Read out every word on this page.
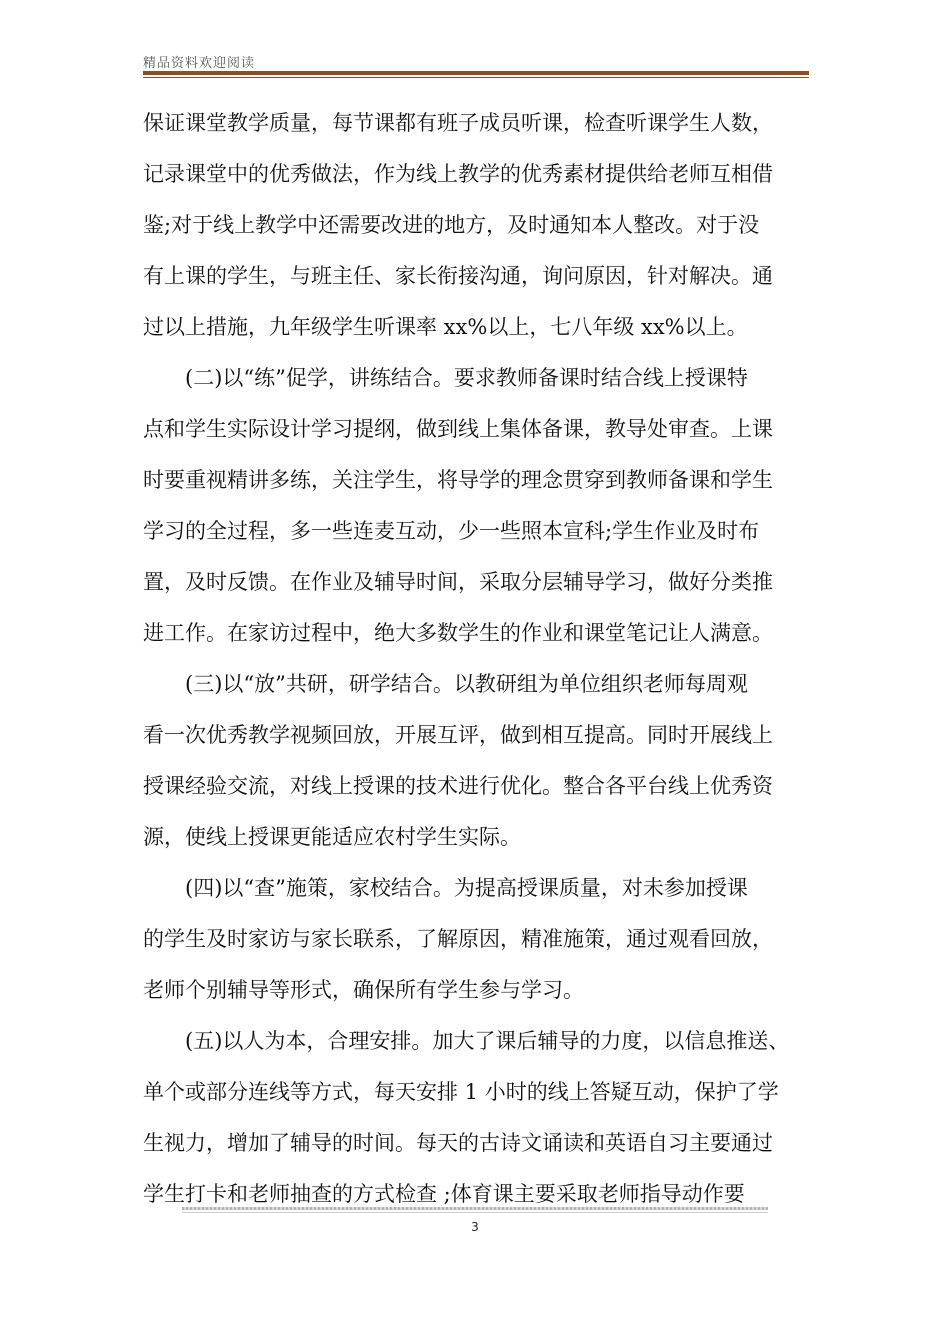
精品资料欢迎阅读
保证课堂教学质量，每节课都有班子成员听课，检查听课学生人数，
记录课堂中的优秀做法，作为线上教学的优秀素材提供给老师互相借
鉴;对于线上教学中还需要改进的地方，及时通知本人整改。对于没
有上课的学生，与班主任、家长衔接沟通，询问原因，针对解决。通
过以上措施，九年级学生听课率 xx%以上，七八年级 xx%以上。
(二)以“练”促学，讲练结合。要求教师备课时结合线上授课特
点和学生实际设计学习提纲，做到线上集体备课，教导处审查。上课
时要重视精讲多练，关注学生，将导学的理念贯穿到教师备课和学生
学习的全过程，多一些连麦互动，少一些照本宣科;学生作业及时布
置，及时反馈。在作业及辅导时间，采取分层辅导学习，做好分类推
进工作。在家访过程中，绝大多数学生的作业和课堂笔记让人满意。
(三)以“放”共研，研学结合。以教研组为单位组织老师每周观
看一次优秀教学视频回放，开展互评，做到相互提高。同时开展线上
授课经验交流，对线上授课的技术进行优化。整合各平台线上优秀资
源，使线上授课更能适应农村学生实际。
(四)以“查”施策，家校结合。为提高授课质量，对未参加授课
的学生及时家访与家长联系，了解原因，精准施策，通过观看回放，
老师个别辅导等形式，确保所有学生参与学习。
(五)以人为本，合理安排。加大了课后辅导的力度，以信息推送、
单个或部分连线等方式，每天安排 1 小时的线上答疑互动，保护了学
生视力，增加了辅导的时间。每天的古诗文诵读和英语自习主要通过
学生打卡和老师抽查的方式检查 ;体育课主要采取老师指导动作要
3
